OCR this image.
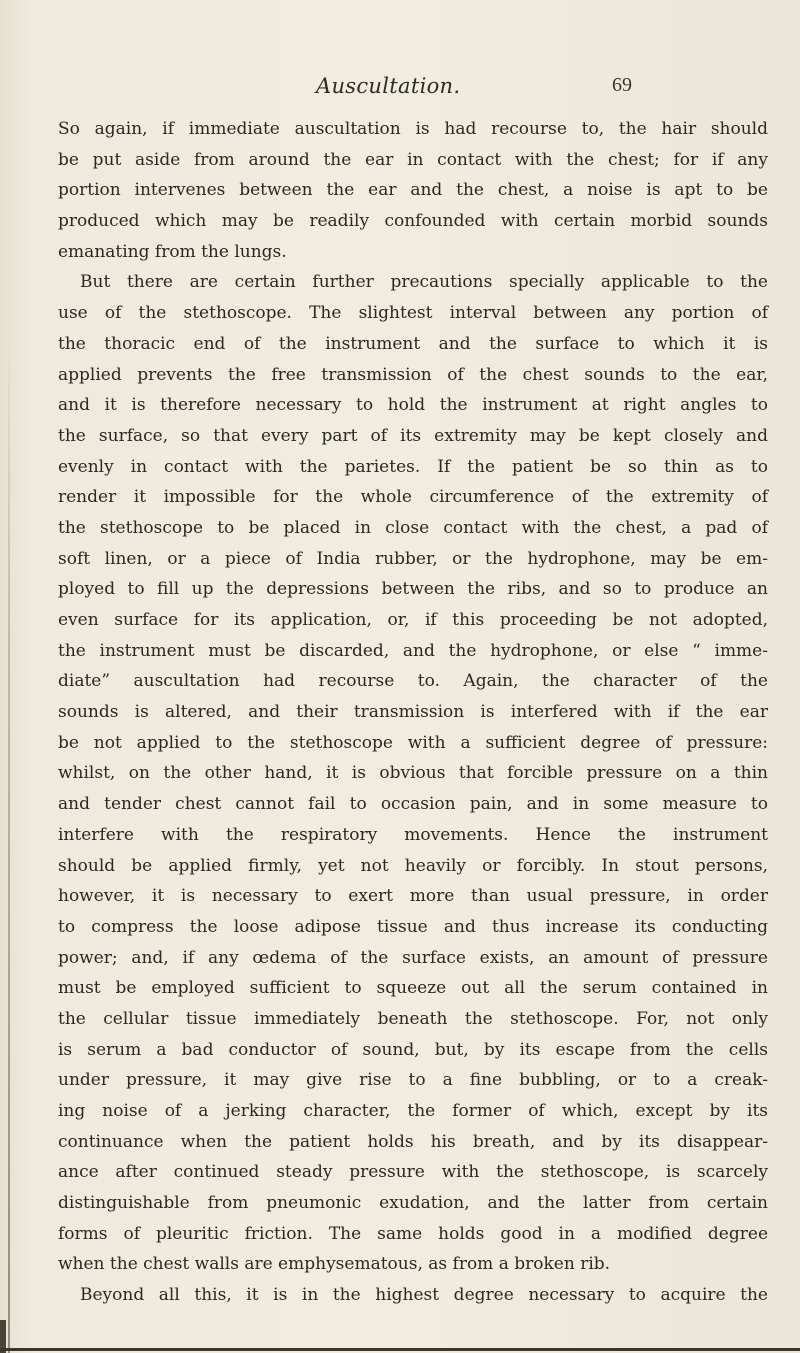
Auscultation.	69
So again, if immediate auscultation is had recourse to, the hair should
be put aside from around the ear in contact with the chest; for if any
portion intervenes between the ear and the chest, a noise is apt to be
produced which may be readily confounded with certain morbid sounds
emanating from the lungs.
But there are certain further precautions specially applicable to the
use of the stethoscope. The slightest interval between any portion of
the thoracic end of the instrument and the surface to which it is
applied prevents the free transmission of the chest sounds to the ear,
and it is therefore necessary to hold the instrument at right angles to
the surface, so that every part of its extremity may be kept closely and
evenly in contact with the parietes. If the patient be so thin as to
render it impossible for the whole circumference of the extremity of
the stethoscope to be placed in close contact with the chest, a pad of
soft linen, or a piece of India rubber, or the hydrophone, may be em-
ployed to fill up the depressions between the ribs, and so to produce an
even surface for its application, or, if this proceeding be not adopted,
the instrument must be discarded, and the hydrophone, or else “ imme-
diate” auscultation had recourse to. Again, the character of the
sounds is altered, and their transmission is interfered with if the ear
be not applied to the stethoscope with a sufficient degree of pressure:
whilst, on the other hand, it is obvious that forcible pressure on a thin
and tender chest cannot fail to occasion pain, and in some measure to
interfere with the respiratory movements. Hence the instrument
should be applied firmly, yet not heavily or forcibly. In stout persons,
however, it is necessary to exert more than usual pressure, in order
to compress the loose adipose tissue and thus increase its conducting
power; and, if any œdema of the surface exists, an amount of pressure
must be employed sufficient to squeeze out all the serum contained in
the cellular tissue immediately beneath the stethoscope. For, not only
is serum a bad conductor of sound, but, by its escape from the cells
under pressure, it may give rise to a fine bubbling, or to a creak-
ing noise of a jerking character, the former of which, except by its
continuance when the patient holds his breath, and by its disappear-
ance after continued steady pressure with the stethoscope, is scarcely
distinguishable from pneumonic exudation, and the latter from certain
forms of pleuritic friction. The same holds good in a modified degree
when the chest walls are emphysematous, as from a broken rib.
Beyond all this, it is in the highest degree necessary to acquire the
